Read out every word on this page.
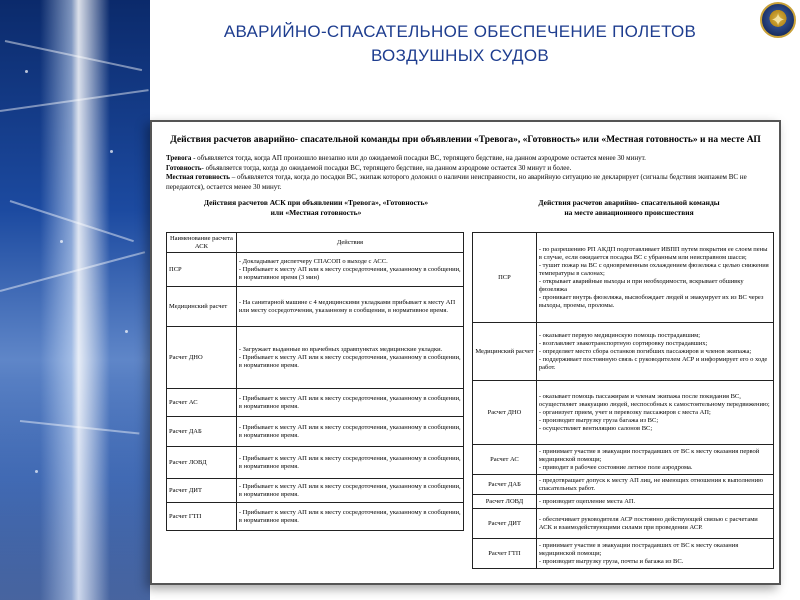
✦
АВАРИЙНО-СПАСАТЕЛЬНОЕ ОБЕСПЕЧЕНИЕ ПОЛЕТОВ
ВОЗДУШНЫХ СУДОВ
Действия расчетов аварийно- спасательной команды при объявлении «Тревога», «Готовность» или «Местная готовность» и на месте АП

Тревога - объявляется тогда, когда АП произошло внезапно или до ожидаемой посадки ВС, терпящего бедствие, на данном аэродроме остается менее 30 минут.

Готовность- объявляется тогда, когда до ожидаемой посадки ВС, терпящего бедствие, на данном аэродроме остается 30 минут и более.

Местная готовность – объявляется тогда, когда до посадки ВС, экипаж которого доложил о наличии неисправности, но аварийную ситуацию не декларирует (сигналы бедствия экипажем ВС не передаются), остается менее 30 минут.

Действия расчетов АСК при объявлении «Тревога», «Готовность»
или «Местная готовность»
Действия расчетов аварийно- спасательной команды
на месте авиационного происшествия
Наименование расчета АСК	Действия
ПСР	- Докладывает диспетчеру СПАСОП о выходе с АСС.

- Прибывает к месту АП или к месту сосредоточения, указанному в сообщении, в нормативное время (3 мин)

Медицинский расчет	- На санитарной машине с 4 медицинскими укладками прибывает к месту АП или месту сосредоточения, указанному в сообщении, в нормативное время.

Расчет ДНО	- Загружает выданные во врачебных здравпунктах медицинские укладки.

- Прибывает к месту АП или к месту сосредоточения, указанному в сообщении, в нормативное время.

Расчет АС	- Прибывает к месту АП или к месту сосредоточения, указанному в сообщении, в нормативное время.

Расчет ДАБ	- Прибывает к месту АП или к месту сосредоточения, указанному в сообщении, в нормативное время.

Расчет ЛОВД	- Прибывает к месту АП или к месту сосредоточения, указанному в сообщении, в нормативное время.

Расчет ДИТ	- Прибывает к месту АП или к месту сосредоточения, указанному в сообщении, в нормативное время.

Расчет ГТП	- Прибывает к месту АП или к месту сосредоточения, указанному в сообщении, в нормативное время.

ПСР	- по разрешению РП АКДП подготавливает ИВПП путем покрытия ее слоем пены в случае, если ожидается посадка ВС с убранным или неисправном шасси;

- тушит пожар на ВС с одновременным охлаждением фюзеляжа с целью снижения температуры в салонах;

- открывает аварийные выходы и при необходимости, вскрывает обшивку фюзеляжа

- проникает внутрь фюзеляжа, высвобождает людей и эвакуирует их из ВС через выходы, проемы, проломы.

Медицинский расчет	- оказывает первую медицинскую помощь пострадавшим;

- возглавляет эвакотранспортную сортировку пострадавших;

- определяет место сбора останков погибших пассажиров и членов экипажа;

- поддерживает постоянную связь с руководителем АСР и информирует его о ходе работ.

Расчет ДНО	- оказывает помощь пассажирам и членам экипажа после покидания ВС, осуществляет эвакуацию людей, неспособных к самостоятельному передвижению;

- организует прием, учет и перевозку пассажиров с места АП;

- производит выгрузку груза багажа из ВС;

- осуществляет вентиляцию салонов ВС;

Расчет АС	- принимает участие в эвакуации пострадавших от ВС к месту оказания первой медицинской помощи;

- приводит в рабочее состояние летное поле аэродрома.

Расчет ДАБ	- предотвращает допуск к месту АП лиц, не имеющих отношения к выполнению спасательных работ.

Расчет ЛОВД	- производит оцепление места АП.

Расчет ДИТ	- обеспечивает руководителя АСР постоянно действующей связью с расчетами АСК и взаимодействующими силами при проведении АСР.

Расчет ГТП	- принимает участие в эвакуации пострадавших от ВС к месту оказания медицинской помощи;

- производит выгрузку груза, почты и багажа из ВС.
